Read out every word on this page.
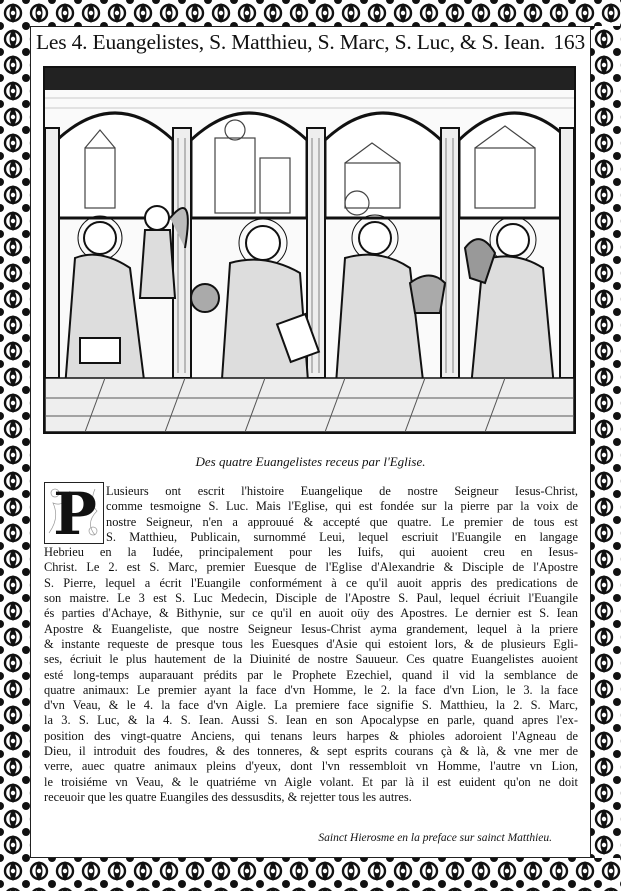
Les 4. Euangelistes, S. Matthieu, S. Marc, S. Luc, & S. Iean. 163
Des quatre Euangelistes receus par l'Eglise.
P Lusieurs ont escrit l'histoire Euangelique de nostre Seigneur Iesus-Christ,
comme tesmoigne S. Luc. Mais l'Eglise, qui est fondée sur la pierre par la voix de
nostre Seigneur, n'en a approuué & accepté que quatre. Le premier de tous est
S. Matthieu, Publicain, surnommé Leui, lequel escriuit l'Euangile en langage
Hebrieu en la Iudée, principalement pour les Iuifs, qui auoient creu en Iesus-
Christ. Le 2. est S. Marc, premier Euesque de l'Eglise d'Alexandrie & Disciple de l'Apostre
S. Pierre, lequel a écrit l'Euangile conformément à ce qu'il auoit appris des predications de
son maistre. Le 3 est S. Luc Medecin, Disciple de l'Apostre S. Paul, lequel écriuit l'Euangile
és parties d'Achaye, & Bithynie, sur ce qu'il en auoit oüy des Apostres. Le dernier est S. Iean
Apostre & Euangeliste, que nostre Seigneur Iesus-Christ ayma grandement, lequel à la priere
& instante requeste de presque tous les Euesques d'Asie qui estoient lors, & de plusieurs Egli-
ses, écriuit le plus hautement de la Diuinité de nostre Sauueur. Ces quatre Euangelistes auoient
esté long-temps auparauant prédits par le Prophete Ezechiel, quand il vid la semblance de
quatre animaux: Le premier ayant la face d'vn Homme, le 2. la face d'vn Lion, le 3. la face
d'vn Veau, & le 4. la face d'vn Aigle. La premiere face signifie S. Matthieu, la 2. S. Marc,
la 3. S. Luc, & la 4. S. Iean. Aussi S. Iean en son Apocalypse en parle, quand apres l'ex-
position des vingt-quatre Anciens, qui tenans leurs harpes & phioles adoroient l'Agneau de
Dieu, il introduit des foudres, & des tonneres, & sept esprits courans çà & là, & vne mer de
verre, auec quatre animaux pleins d'yeux, dont l'vn ressembloit vn Homme, l'autre vn Lion,
le troisiéme vn Veau, & le quatriéme vn Aigle volant. Et par là il est euident qu'on ne doit
receuoir que les quatre Euangiles des dessusdits, & rejetter tous les autres.
Sainct Hierosme en la preface sur sainct Matthieu.
